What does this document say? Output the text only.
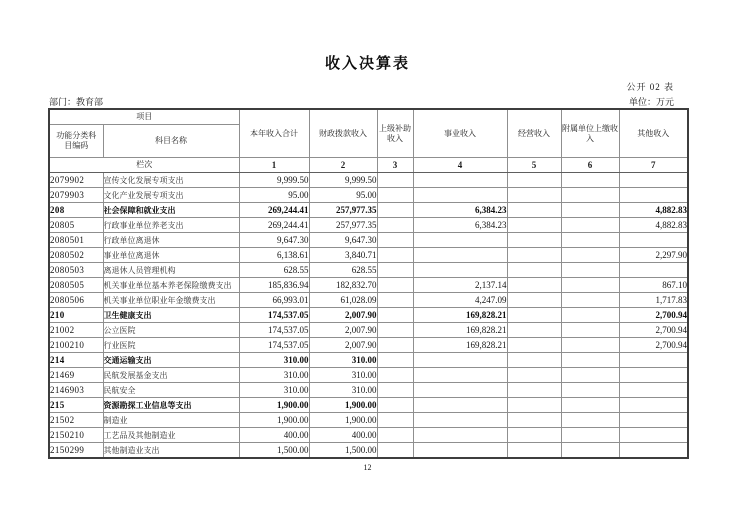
收入决算表
公开 02 表
部门：教育部	单位：万元
项目		本年收入合计	财政拨款收入	上级补助收入	事业收入	经营收入	附属单位上缴收入	其他收入
功能分类科目编码	科目名称							
栏次		1	2	3	4	5	6	7
2079902	宣传文化发展专项支出	9,999.50	9,999.50					
2079903	文化产业发展专项支出	95.00	95.00					
208	社会保障和就业支出	269,244.41	257,977.35		6,384.23			4,882.83
20805	行政事业单位养老支出	269,244.41	257,977.35		6,384.23			4,882.83
2080501	行政单位离退休	9,647.30	9,647.30					
2080502	事业单位离退休	6,138.61	3,840.71					2,297.90
2080503	离退休人员管理机构	628.55	628.55					
2080505	机关事业单位基本养老保险缴费支出	185,836.94	182,832.70		2,137.14			867.10
2080506	机关事业单位职业年金缴费支出	66,993.01	61,028.09		4,247.09			1,717.83
210	卫生健康支出	174,537.05	2,007.90		169,828.21			2,700.94
21002	公立医院	174,537.05	2,007.90		169,828.21			2,700.94
2100210	行业医院	174,537.05	2,007.90		169,828.21			2,700.94
214	交通运输支出	310.00	310.00					
21469	民航发展基金支出	310.00	310.00					
2146903	民航安全	310.00	310.00					
215	资源勘探工业信息等支出	1,900.00	1,900.00					
21502	制造业	1,900.00	1,900.00					
2150210	工艺品及其他制造业	400.00	400.00					
2150299	其他制造业支出	1,500.00	1,500.00					
12
